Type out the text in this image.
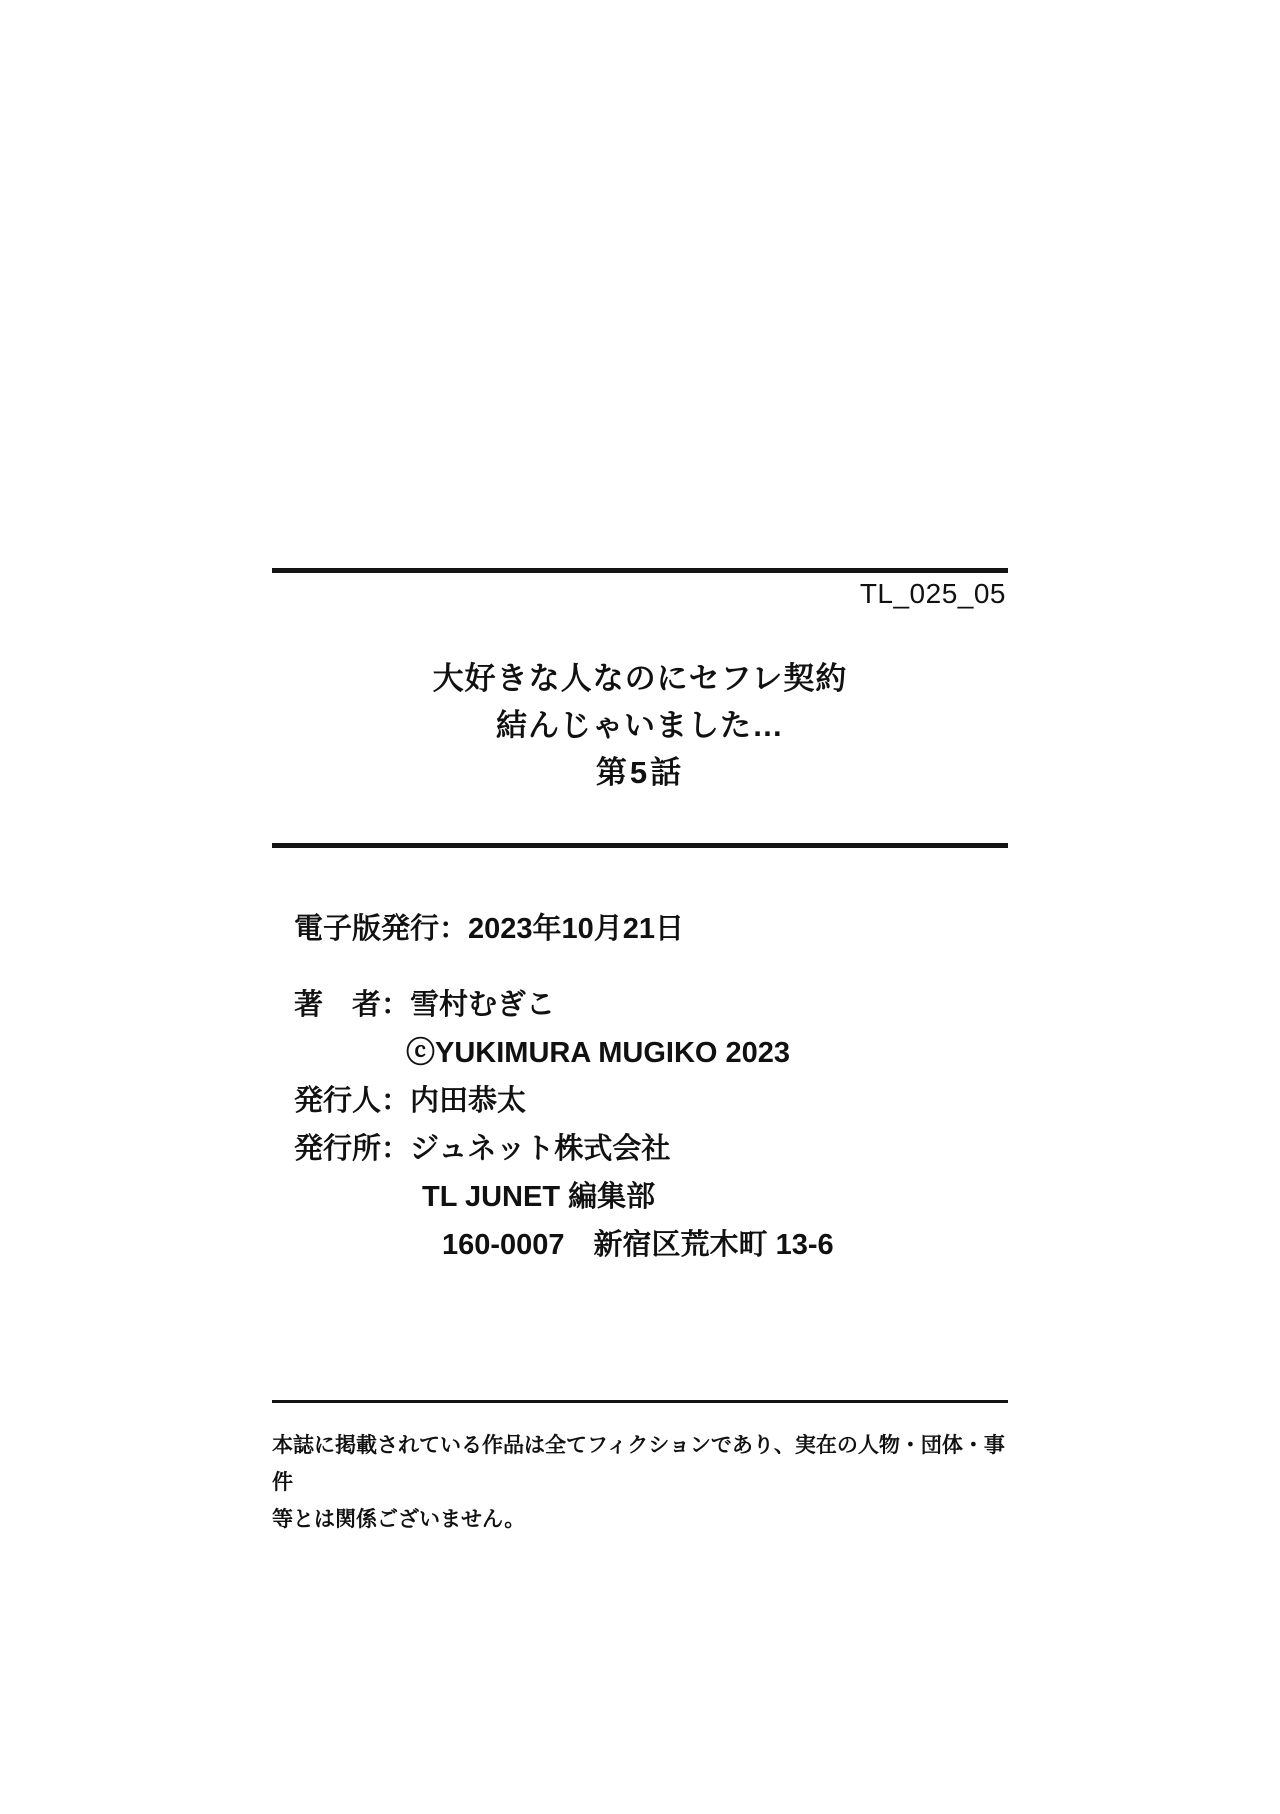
TL_025_05
大好きな人なのにセフレ契約
結んじゃいました…
第5話
電子版発行：2023年10月21日
著　者：雪村むぎこ
ⓒYUKIMURA MUGIKO 2023
発行人：内田恭太
発行所：ジュネット株式会社
TL JUNET 編集部
160-0007　新宿区荒木町 13-6
本誌に掲載されている作品は全てフィクションであり、実在の人物・団体・事件
等とは関係ございません。
